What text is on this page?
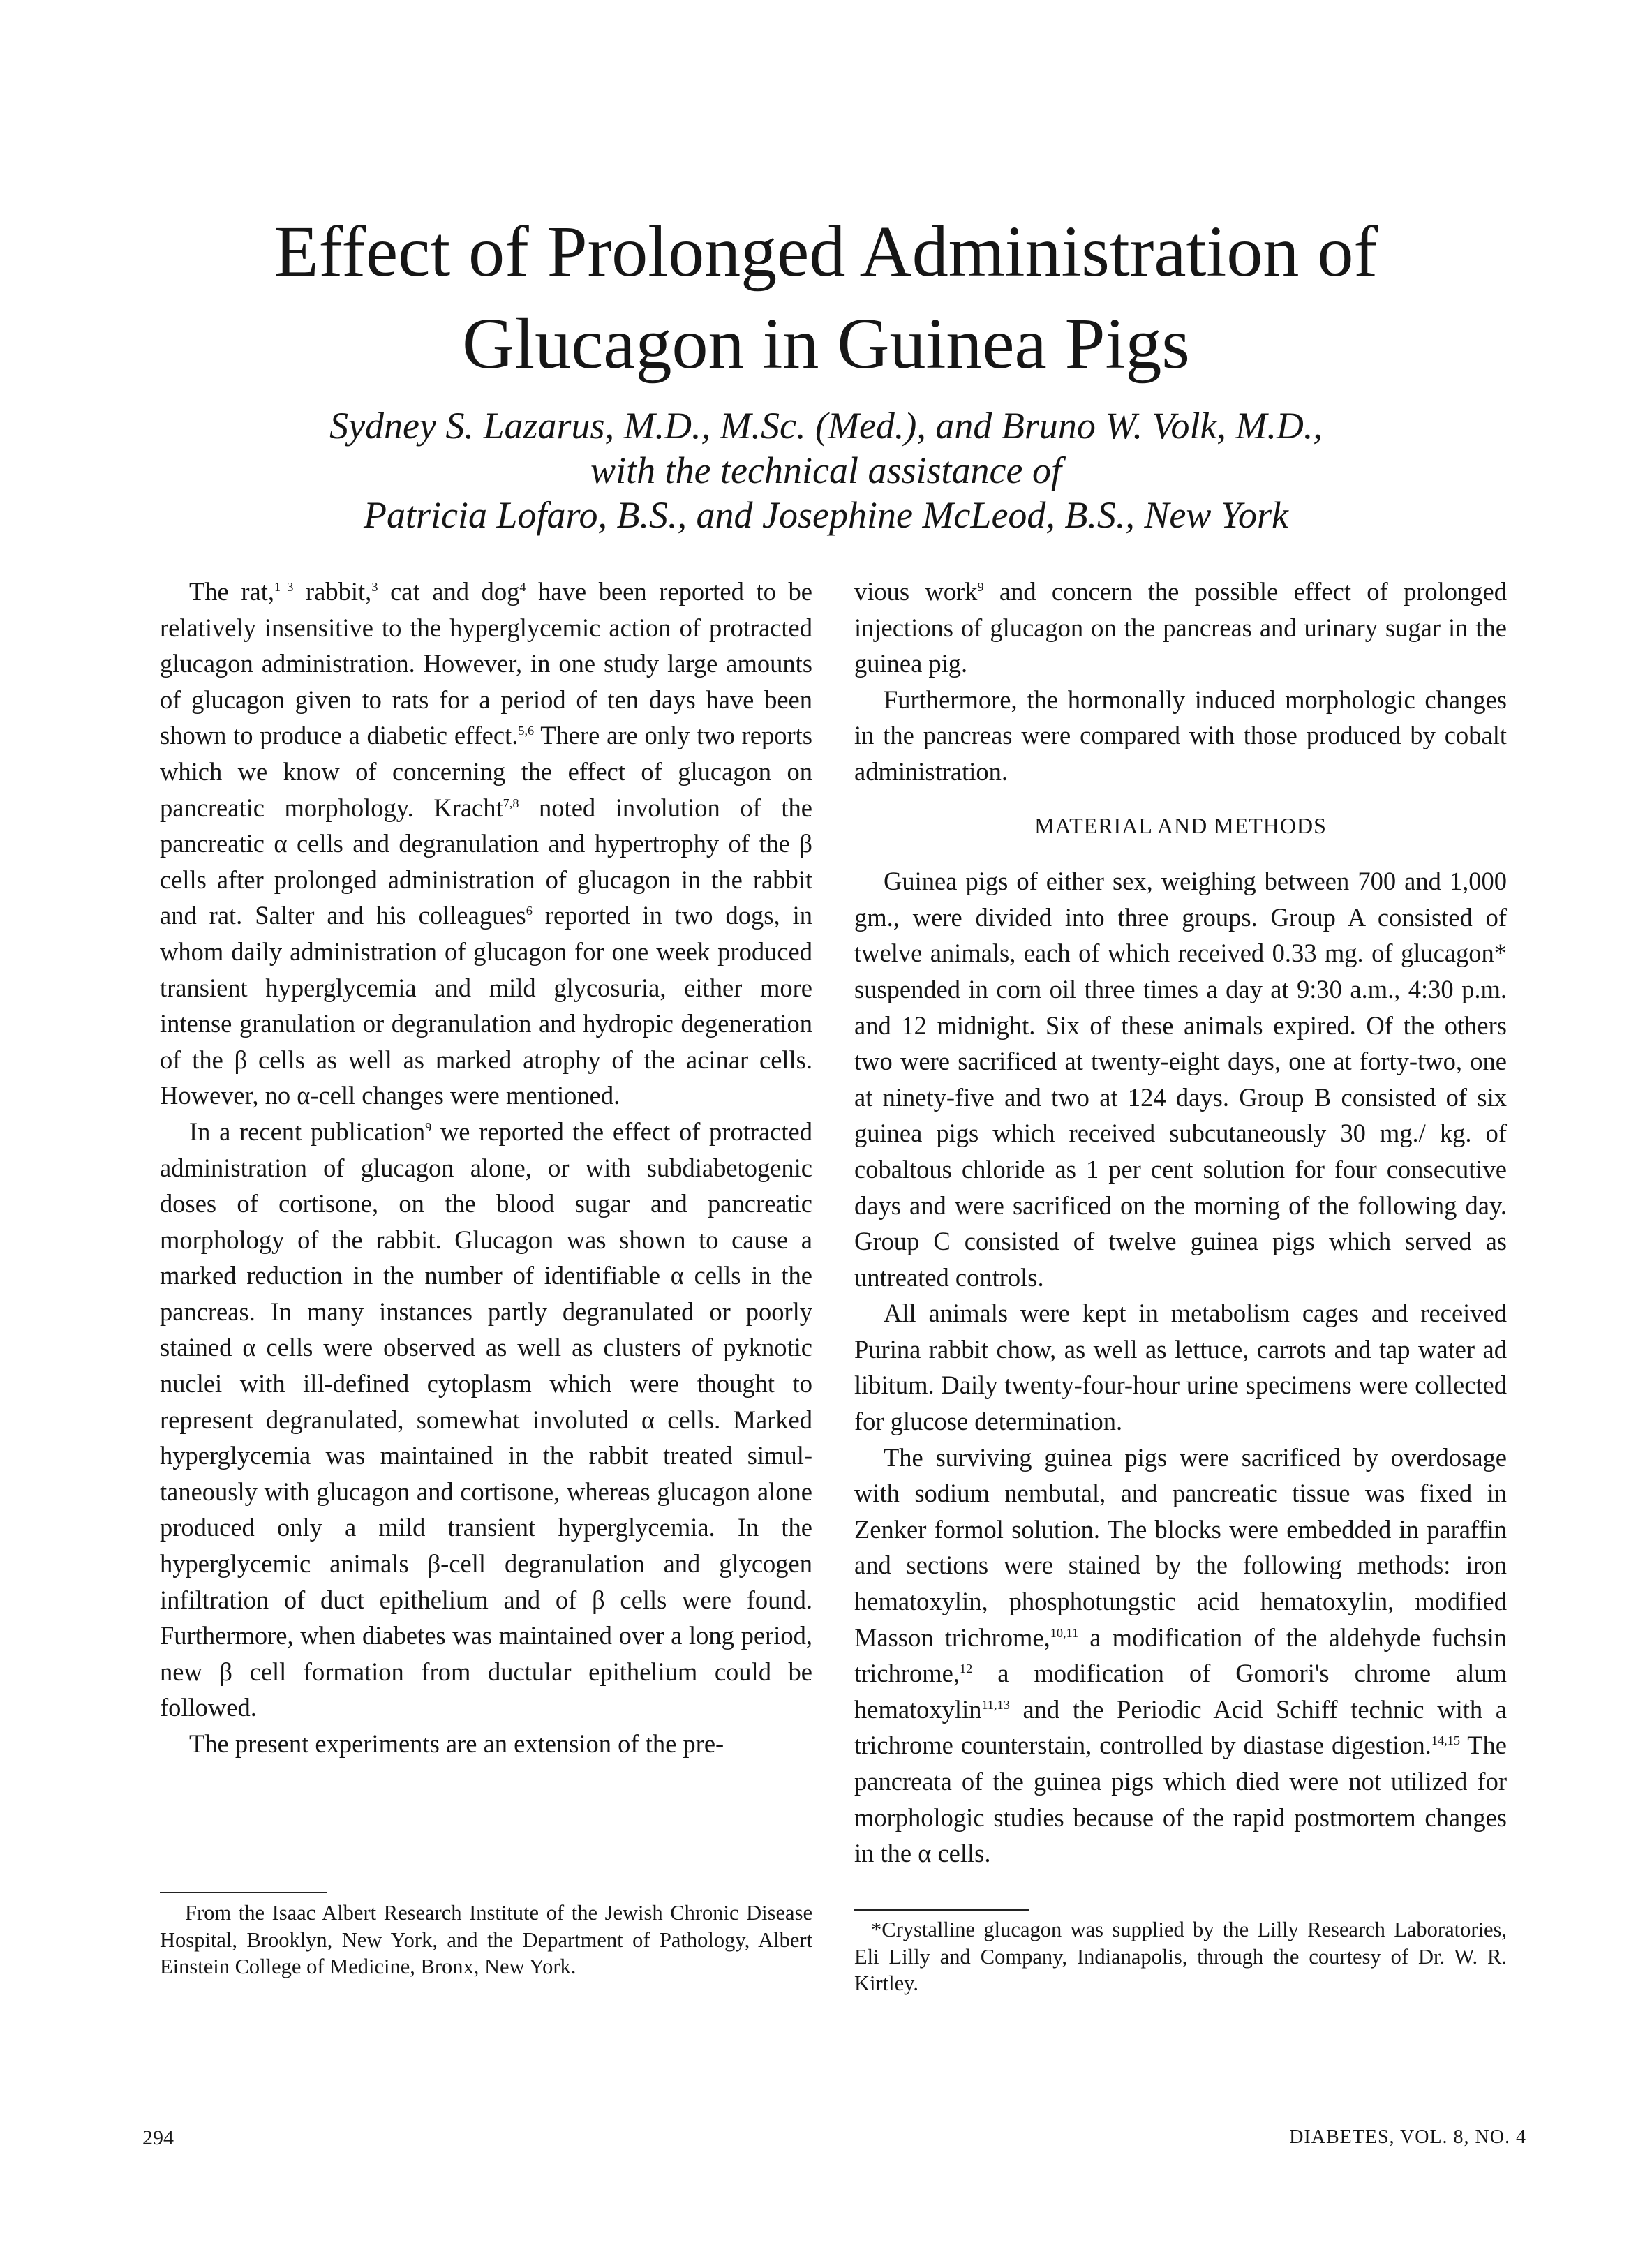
Effect of Prolonged Administration of
Glucagon in Guinea Pigs
Sydney S. Lazarus, M.D., M.Sc. (Med.), and Bruno W. Volk, M.D.,
with the technical assistance of
Patricia Lofaro, B.S., and Josephine McLeod, B.S., New York

The rat,$^{1-3}$ rabbit,$^3$ cat and dog$^4$ have been reported to be relatively insensitive to the hyperglycemic action of protracted glucagon administration. However, in one study large amounts of glucagon given to rats for a period of ten days have been shown to produce a diabetic effect.$^{5,6}$ There are only two reports which we know of concerning the effect of glucagon on pancreatic morphology. Kracht$^{7,8}$ noted involution of the pancreatic α cells and degranulation and hypertrophy of the β cells after prolonged administration of glucagon in the rabbit and rat. Salter and his colleagues$^6$ reported in two dogs, in whom daily administration of glucagon for one week produced transient hyperglycemia and mild glycosuria, either more intense granulation or degranulation and hydropic degeneration of the β cells as well as marked atrophy of the acinar cells. However, no α-cell changes were mentioned.

In a recent publication$^9$ we reported the effect of protracted administration of glucagon alone, or with subdiabetogenic doses of cortisone, on the blood sugar and pancreatic morphology of the rabbit. Glucagon was shown to cause a marked reduction in the number of identifiable α cells in the pancreas. In many instances partly degranulated or poorly stained α cells were observed as well as clusters of pyknotic nuclei with ill-defined cytoplasm which were thought to represent degranulated, somewhat involuted α cells. Marked hyperglycemia was maintained in the rabbit treated simultaneously with glucagon and cortisone, whereas glucagon alone produced only a mild transient hyperglycemia. In the hyperglycemic animals β-cell degranulation and glycogen infiltration of duct epithelium and of β cells were found. Furthermore, when diabetes was maintained over a long period, new β cell formation from ductular epithelium could be followed.

The present experiments are an extension of the pre-

vious work$^9$ and concern the possible effect of prolonged injections of glucagon on the pancreas and urinary sugar in the guinea pig.

Furthermore, the hormonally induced morphologic changes in the pancreas were compared with those produced by cobalt administration.

MATERIAL AND METHODS

Guinea pigs of either sex, weighing between 700 and 1,000 gm., were divided into three groups. Group A consisted of twelve animals, each of which received 0.33 mg. of glucagon* suspended in corn oil three times a day at 9:30 a.m., 4:30 p.m. and 12 midnight. Six of these animals expired. Of the others two were sacrificed at twenty-eight days, one at forty-two, one at ninety-five and two at 124 days. Group B consisted of six guinea pigs which received subcutaneously 30 mg./ kg. of cobaltous chloride as 1 per cent solution for four consecutive days and were sacrificed on the morning of the following day. Group C consisted of twelve guinea pigs which served as untreated controls.

All animals were kept in metabolism cages and received Purina rabbit chow, as well as lettuce, carrots and tap water ad libitum. Daily twenty-four-hour urine specimens were collected for glucose determination.

The surviving guinea pigs were sacrificed by overdosage with sodium nembutal, and pancreatic tissue was fixed in Zenker formol solution. The blocks were embedded in paraffin and sections were stained by the following methods: iron hematoxylin, phosphotungstic acid hematoxylin, modified Masson trichrome,$^{10,11}$ a modification of the aldehyde fuchsin trichrome,$^{12}$ a modification of Gomori's chrome alum hematoxylin$^{11,13}$ and the Periodic Acid Schiff technic with a trichrome counterstain, controlled by diastase digestion.$^{14,15}$ The pancreata of the guinea pigs which died were not utilized for morphologic studies because of the rapid postmortem changes in the α cells.

From the Isaac Albert Research Institute of the Jewish Chronic Disease Hospital, Brooklyn, New York, and the Department of Pathology, Albert Einstein College of Medicine, Bronx, New York.
*Crystalline glucagon was supplied by the Lilly Research Laboratories, Eli Lilly and Company, Indianapolis, through the courtesy of Dr. W. R. Kirtley.
294	DIABETES, VOL. 8, NO. 4
